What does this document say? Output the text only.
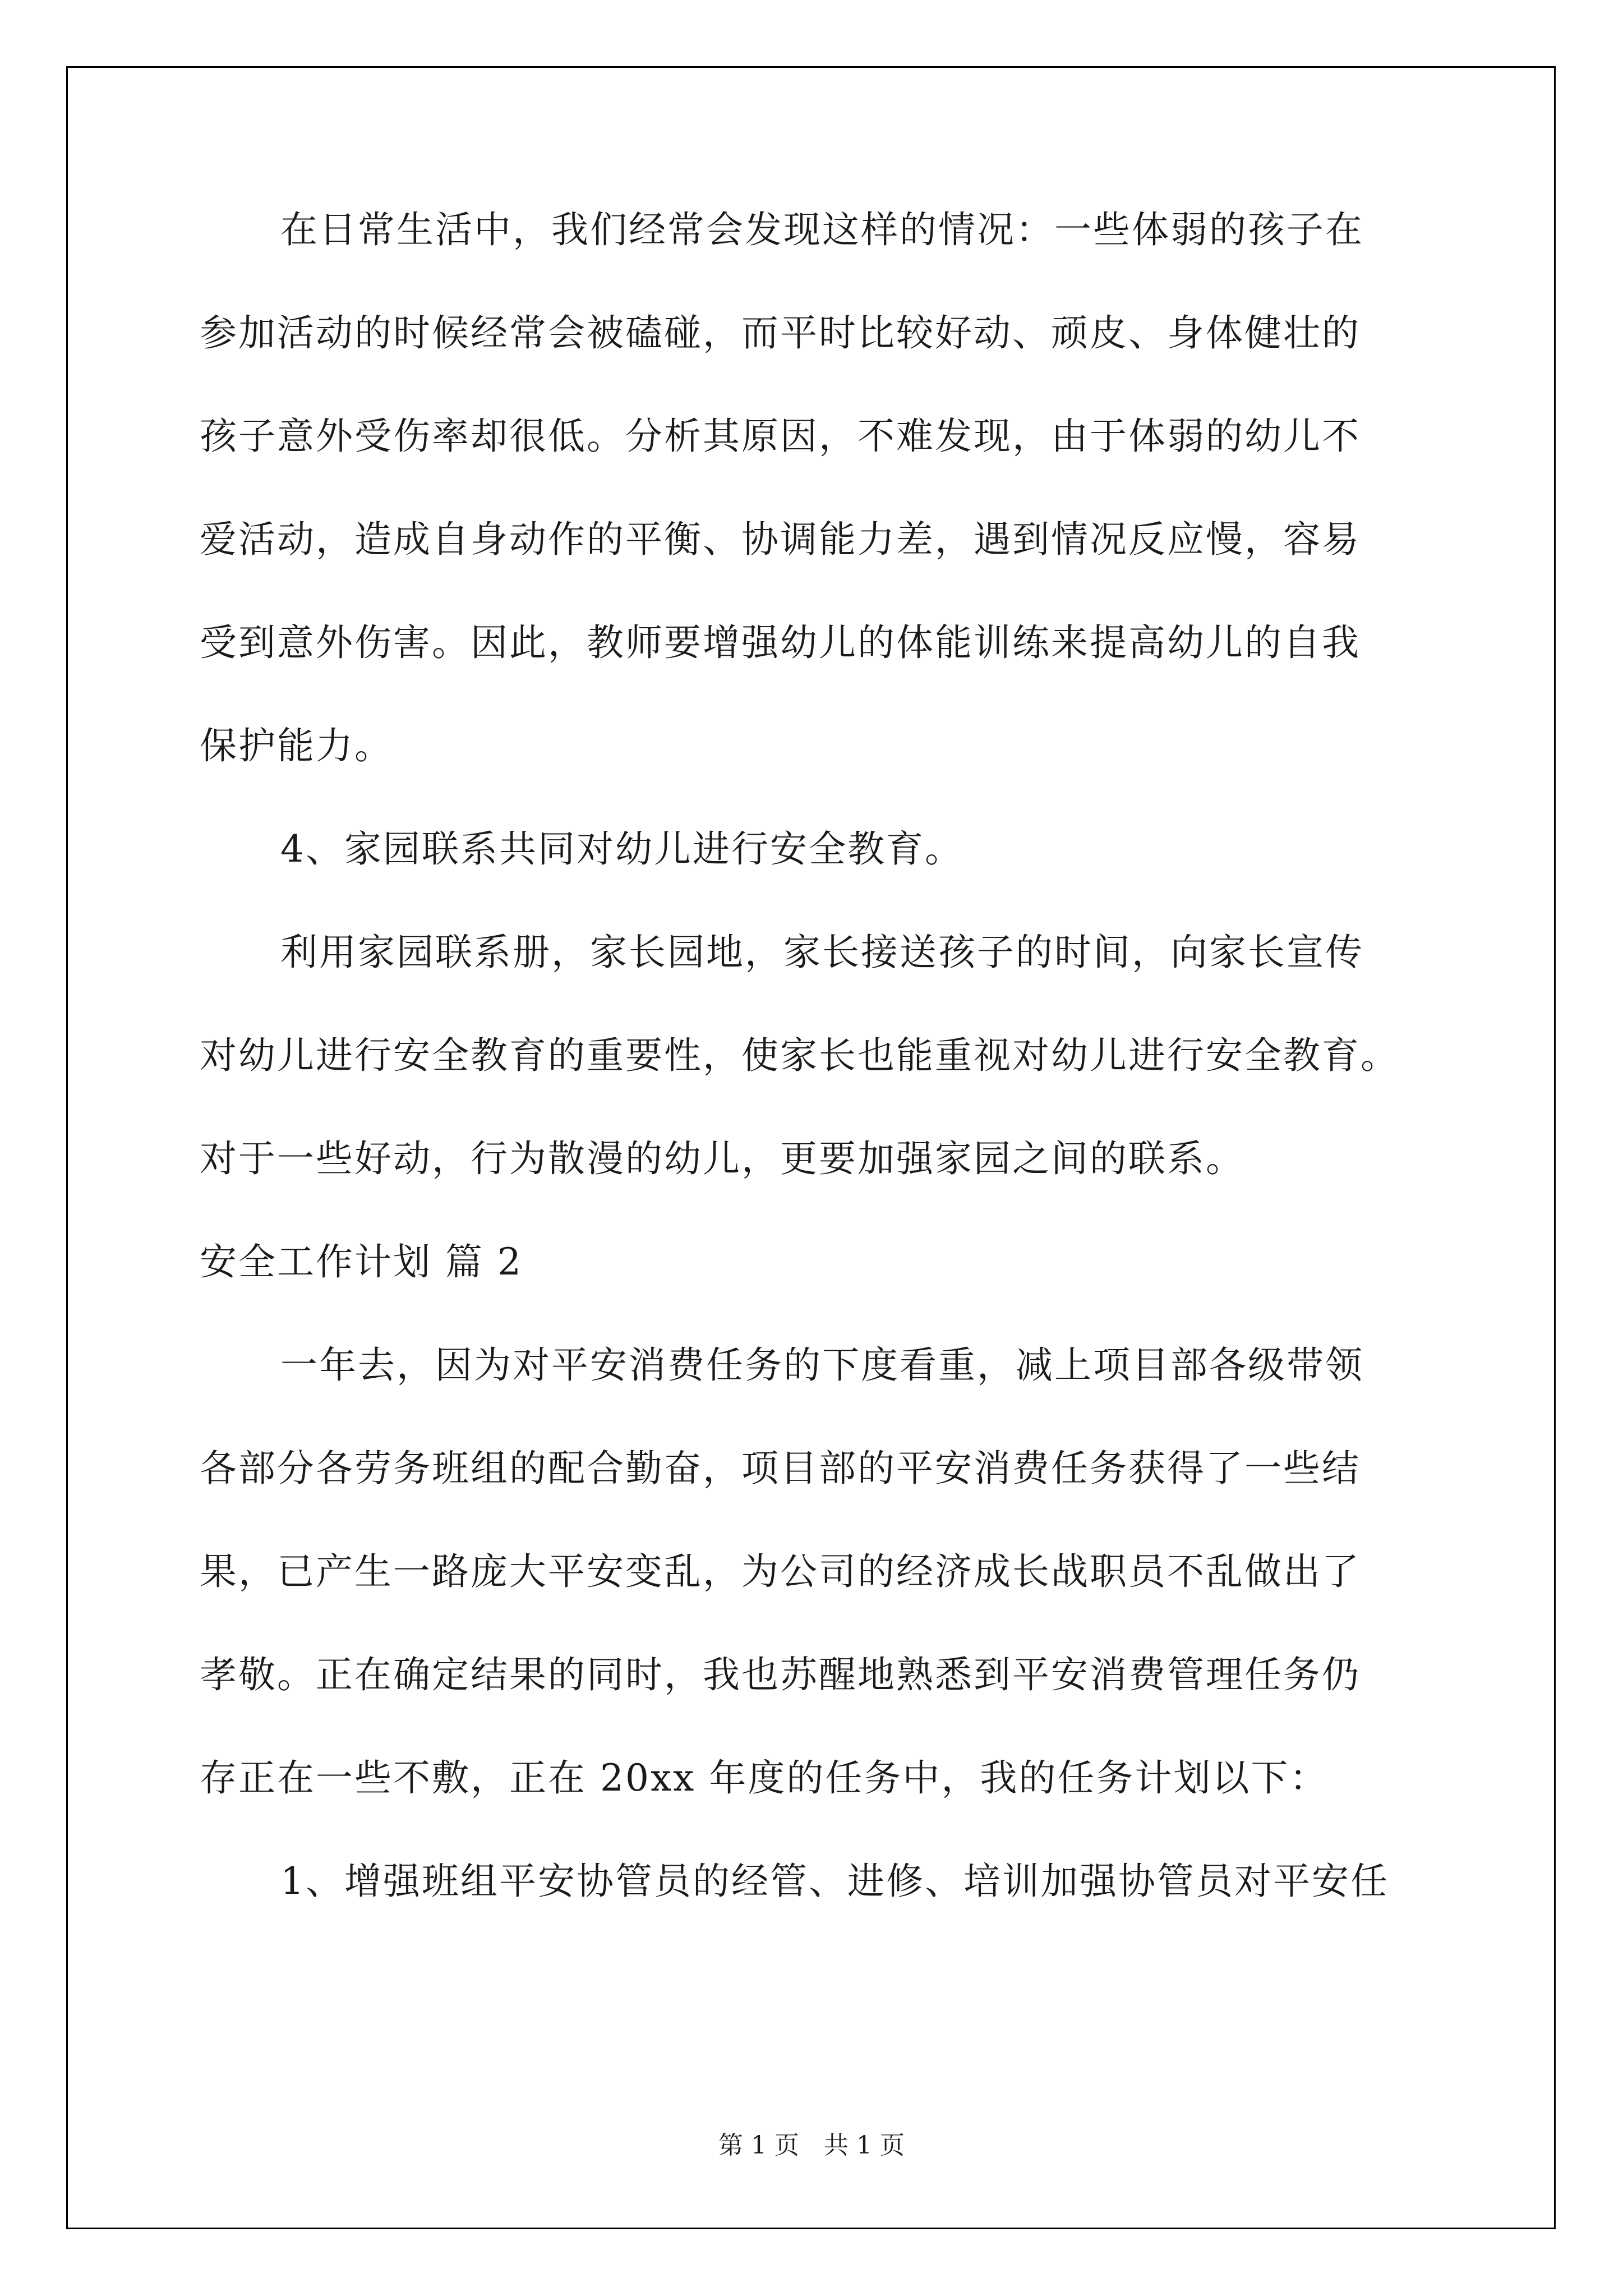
在日常生活中，我们经常会发现这样的情况：一些体弱的孩子在
参加活动的时候经常会被磕碰，而平时比较好动、顽皮、身体健壮的
孩子意外受伤率却很低。分析其原因，不难发现，由于体弱的幼儿不
爱活动，造成自身动作的平衡、协调能力差，遇到情况反应慢，容易
受到意外伤害。因此，教师要增强幼儿的体能训练来提高幼儿的自我
保护能力。
4、家园联系共同对幼儿进行安全教育。
利用家园联系册，家长园地，家长接送孩子的时间，向家长宣传
对幼儿进行安全教育的重要性，使家长也能重视对幼儿进行安全教育。
对于一些好动，行为散漫的幼儿，更要加强家园之间的联系。
安全工作计划 篇 2
一年去，因为对平安消费任务的下度看重，减上项目部各级带领
各部分各劳务班组的配合勤奋，项目部的平安消费任务获得了一些结
果，已产生一路庞大平安变乱，为公司的经济成长战职员不乱做出了
孝敬。正在确定结果的同时，我也苏醒地熟悉到平安消费管理任务仍
存正在一些不敷，正在 20xx 年度的任务中，我的任务计划以下：
1、增强班组平安协管员的经管、进修、培训加强协管员对平安任
第 1 页　共 1 页
